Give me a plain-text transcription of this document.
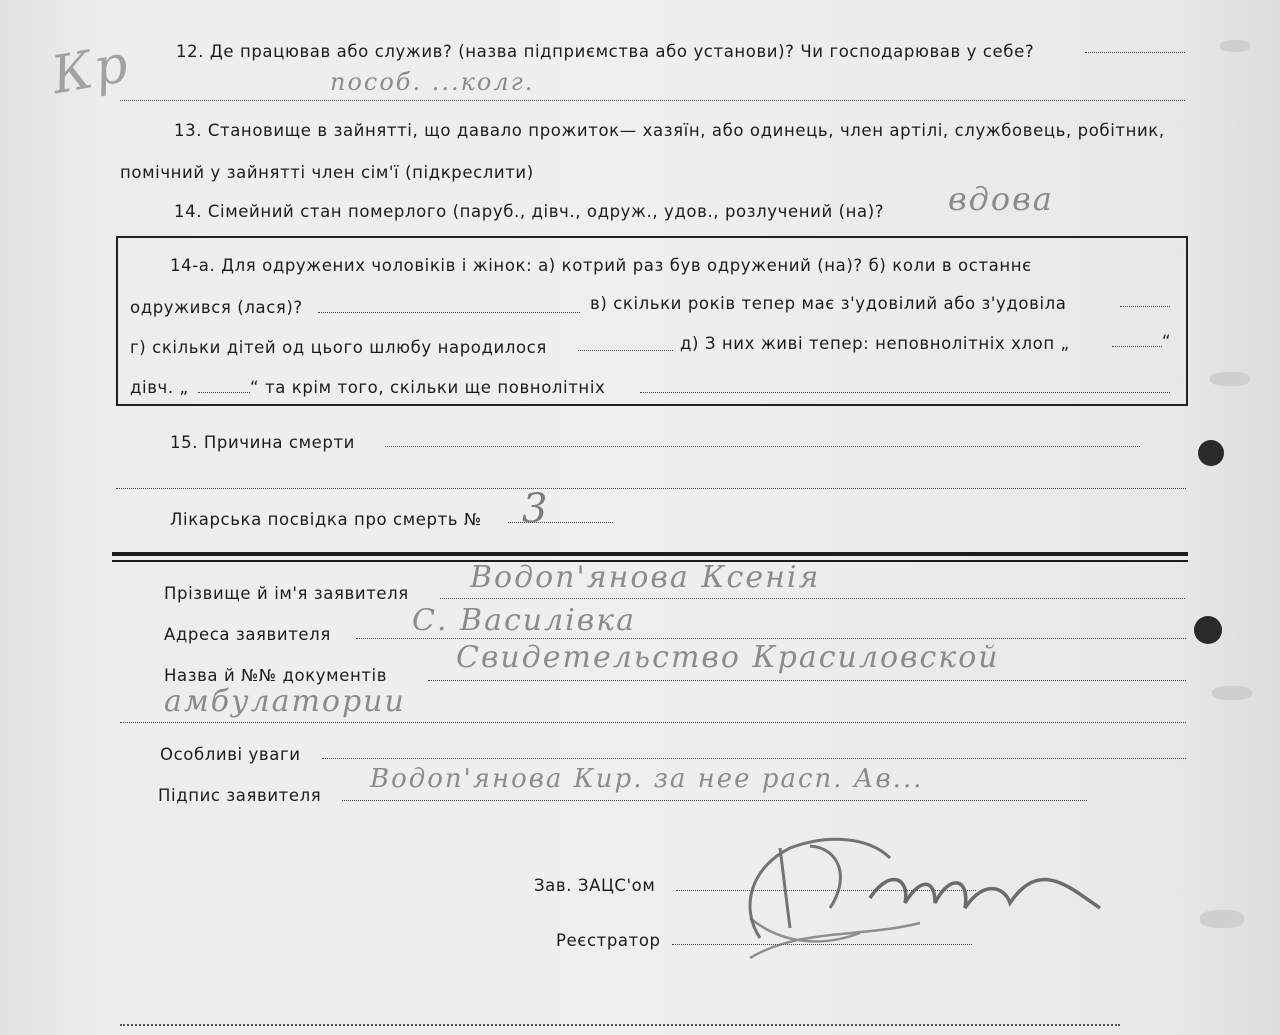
Кр	12. Де працював або служив? (назва підприємства або установи)? Чи господарював у себе?
пособ. ...колг.
13. Становище в зайнятті, що давало прожиток— хазяїн, або одинець, член артілі, службовець, робітник,
помічний у зайнятті член сім'ї (підкреслити)
14. Сімейний стан померлого (паруб., дівч., одруж., удов., розлучений (на)? вдова
14-а. Для одружених чоловіків і жінок: а) котрий раз був одружений (на)? б) коли в останнє
одружився (лася)?	в) скільки років тепер має з'удовілий або з'удовіла
г) скільки дітей од цього шлюбу народилося	д) З них живі тепер: неповнолітніх хлоп „	“
дівч. „	“ та крім того, скільки ще повнолітніх
15. Причина смерти
Лікарська посвідка про смерть № 3
Прізвище й ім'я заявителя Водоп'янова Ксенія
Адреса заявителя	С. Василівка
Назва й №№ документів
Свидетельство Красиловской
амбулатории
Особливі уваги
Підпис заявителя
Водоп'янова Кир. за нее расп. Ав...
Зав. ЗАЦС'ом
Реєстратор
